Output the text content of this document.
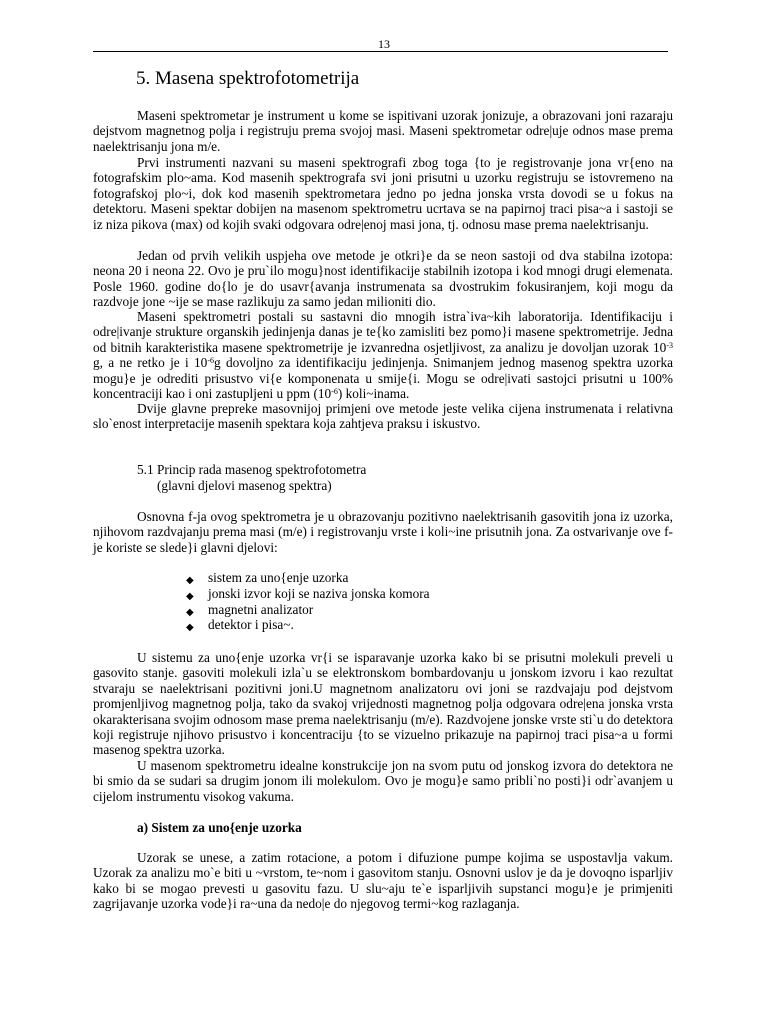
13
5. Masena spektrofotometrija

Maseni spektrometar je instrument u kome se ispitivani uzorak jonizuje, a obrazovani joni razaraju dejstvom magnetnog polja i registruju prema svojoj masi. Maseni spektrometar odre|uje odnos mase prema naelektrisanju jona m/e.

Prvi instrumenti nazvani su maseni spektrografi zbog toga {to je registrovanje jona vr{eno na fotografskim plo~ama. Kod masenih spektrografa svi joni prisutni u uzorku registruju se istovremeno na fotografskoj plo~i, dok kod masenih spektrometara jedno po jedna jonska vrsta dovodi se u fokus na detektoru. Maseni spektar dobijen na masenom spektrometru ucrtava se na papirnoj traci pisa~a i sastoji se iz niza pikova (max) od kojih svaki odgovara odre|enoj masi jona, tj. odnosu mase prema naelektrisanju.

Jedan od prvih velikih uspjeha ove metode je otkri}e da se neon sastoji od dva stabilna izotopa: neona 20 i neona 22. Ovo je pru`ilo mogu}nost identifikacije stabilnih izotopa i kod mnogi drugi elemenata. Posle 1960. godine do{lo je do usavr{avanja instrumenata sa dvostrukim fokusiranjem, koji mogu da razdvoje jone ~ije se mase razlikuju za samo jedan milioniti dio.

Maseni spektrometri postali su sastavni dio mnogih istra`iva~kih laboratorija. Identifikaciju i odre|ivanje strukture organskih jedinjenja danas je te{ko zamisliti bez pomo}i masene spektrometrije. Jedna od bitnih karakteristika masene spektrometrije je izvanredna osjetljivost, za analizu je dovoljan uzorak $10^{-3}$ g, a ne retko je i $10^{-6}g$ dovoljno za identifikaciju jedinjenja. Snimanjem jednog masenog spektra uzorka mogu}e je odrediti prisustvo vi{e komponenata u smije{i. Mogu se odre|ivati sastojci prisutni u 100% koncentraciji kao i oni zastupljeni u ppm $(10^{-6})$ koli~inama.

Dvije glavne prepreke masovnijoj primjeni ove metode jeste velika cijena instrumenata i relativna slo`enost interpretacije masenih spektara koja zahtjeva praksu i iskustvo.

5.1 Princip rada masenog spektrofotometra

(glavni djelovi masenog spektra)

Osnovna f-ja ovog spektrometra je u obrazovanju pozitivno naelektrisanih gasovitih jona iz uzorka, njihovom razdvajanju prema masi (m/e) i registrovanju vrste i koli~ine prisutnih jona. Za ostvarivanje ove f-je koriste se slede}i glavni djelovi:

◆ sistem za uno{enje uzorka
◆ jonski izvor koji se naziva jonska komora
◆ magnetni analizator
◆ detektor i pisa~.

U sistemu za uno{enje uzorka vr{i se isparavanje uzorka kako bi se prisutni molekuli preveli u gasovito stanje. gasoviti molekuli izla`u se elektronskom bombardovanju u jonskom izvoru i kao rezultat stvaraju se naelektrisani pozitivni joni.U magnetnom analizatoru ovi joni se razdvajaju pod dejstvom promjenljivog magnetnog polja, tako da svakoj vrijednosti magnetnog polja odgovara odre|ena jonska vrsta okarakterisana svojim odnosom mase prema naelektrisanju (m/e). Razdvojene jonske vrste sti`u do detektora koji registruje njihovo prisustvo i koncentraciju {to se vizuelno prikazuje na papirnoj traci pisa~a u formi masenog spektra uzorka.

U masenom spektrometru idealne konstrukcije jon na svom putu od jonskog izvora do detektora ne bi smio da se sudari sa drugim jonom ili molekulom. Ovo je mogu}e samo pribli`no posti}i odr`avanjem u cijelom instrumentu visokog vakuma.

a) Sistem za uno{enje uzorka

Uzorak se unese, a zatim rotacione, a potom i difuzione pumpe kojima se uspostavlja vakum. Uzorak za analizu mo`e biti u ~vrstom, te~nom i gasovitom stanju. Osnovni uslov je da je dovoqno isparljiv kako bi se mogao prevesti u gasovitu fazu. U slu~aju te`e isparljivih supstanci mogu}e je primjeniti zagrijavanje uzorka vode}i ra~una da nedo|e do njegovog termi~kog razlaganja.
